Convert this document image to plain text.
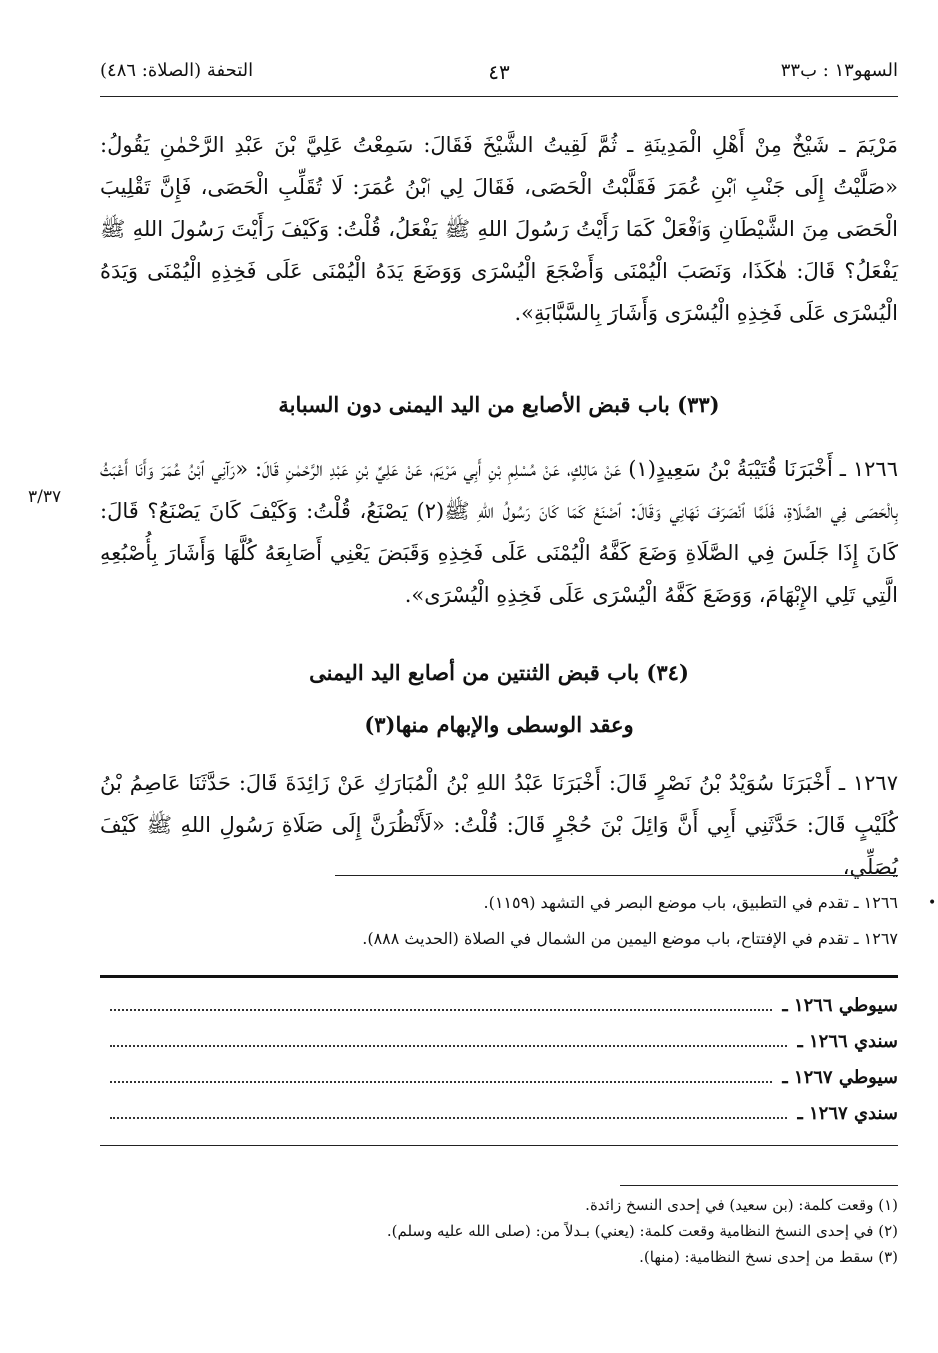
السهو١٣ : ب٣٣
٤٣
التحفة (الصلاة: ٤٨٦)
مَرْيَمَ ـ شَيْخٌ مِنْ أَهْلِ الْمَدِينَةِ ـ ثُمَّ لَقِيتُ الشَّيْخَ فَقَالَ: سَمِعْتُ عَلِيَّ بْنَ عَبْدِ الرَّحْمٰنِ يَقُولُ: «صَلَّيْتُ إِلَى جَنْبِ ٱبْنِ عُمَرَ فَقَلَّبْتُ الْحَصَى، فَقَالَ لِي ٱبْنُ عُمَرَ: لَا تُقَلِّبِ الْحَصَى، فَإِنَّ تَقْلِيبَ الْحَصَى مِنَ الشَّيْطَانِ وَٱفْعَلْ كَمَا رَأَيْتُ رَسُولَ اللهِ ﷺ يَفْعَلُ، قُلْتُ: وَكَيْفَ رَأَيْتَ رَسُولَ اللهِ ﷺ يَفْعَلُ؟ قَالَ: هٰكَذَا، وَنَصَبَ الْيُمْنَى وَأَضْجَعَ الْيُسْرَى وَوَضَعَ يَدَهُ الْيُمْنَى عَلَى فَخِذِهِ الْيُمْنَى وَيَدَهُ الْيُسْرَى عَلَى فَخِذِهِ الْيُسْرَى وَأَشَارَ بِالسَّبَّابَةِ».
(٣٣) باب قبض الأصابع من اليد اليمنى دون السبابة
١٢٦٦ ـ أَخْبَرَنَا قُتَيْبَةُ بْنُ سَعِيدٍ(١) عَنْ مَالِكٍ، عَنْ مُسْلِمِ بْنِ أَبِي مَرْيَمَ، عَنْ عَلِيِّ بْنِ عَبْدِ الرَّحْمٰنِ قَالَ: «رَآنِي ٱبْنُ عُمَرَ وَأَنَا أَعْبَثُ بِالْحَصَى فِي الصَّلَاةِ، فَلَمَّا ٱنْصَرَفَ نَهَانِي وَقَالَ: ٱصْنَعْ كَمَا كَانَ رَسُولُ اللهِ ﷺ(٢) يَصْنَعُ، قُلْتُ: وَكَيْفَ كَانَ يَصْنَعُ؟ قَالَ: كَانَ إِذَا جَلَسَ فِي الصَّلَاةِ وَضَعَ كَفَّهُ الْيُمْنَى عَلَى فَخِذِهِ وَقَبَضَ يَعْنِي أَصَابِعَهُ كُلَّهَا وَأَشَارَ بِأُصْبُعِهِ الَّتِي تَلِي الإِبْهَامَ، وَوَضَعَ كَفَّهُ الْيُسْرَى عَلَى فَخِذِهِ الْيُسْرَى».
٣/٣٧
(٣٤) باب قبض الثنتين من أصابع اليد اليمنى
وعقد الوسطى والإبهام منها(٣)
١٢٦٧ ـ أَخْبَرَنَا سُوَيْدُ بْنُ نَصْرٍ قَالَ: أَخْبَرَنَا عَبْدُ اللهِ بْنُ الْمُبَارَكِ عَنْ زَائِدَةَ قَالَ: حَدَّثَنَا عَاصِمُ بْنُ كُلَيْبٍ قَالَ: حَدَّثَنِي أَبِي أَنَّ وَائِلَ بْنَ حُجْرٍ قَالَ: قُلْتُ: «لَأَنْظُرَنَّ إِلَى صَلَاةِ رَسُولِ اللهِ ﷺ كَيْفَ يُصَلِّي،
•
١٢٦٦ ـ تقدم في التطبيق، باب موضع البصر في التشهد (١١٥٩).
١٢٦٧ ـ تقدم في الإفتتاح، باب موضع اليمين من الشمال في الصلاة (الحديث ٨٨٨).
سيوطي ١٢٦٦ ـ
سندي ١٢٦٦ ـ
سيوطي ١٢٦٧ ـ
سندي ١٢٦٧ ـ
(١) وقعت كلمة: (بن سعيد) في إحدى النسخ زائدة.
(٢) في إحدى النسخ النظامية وقعت كلمة: (يعني) بـدلاً من: (صلى الله عليه وسلم).
(٣) سقط من إحدى نسخ النظامية: (منها).
